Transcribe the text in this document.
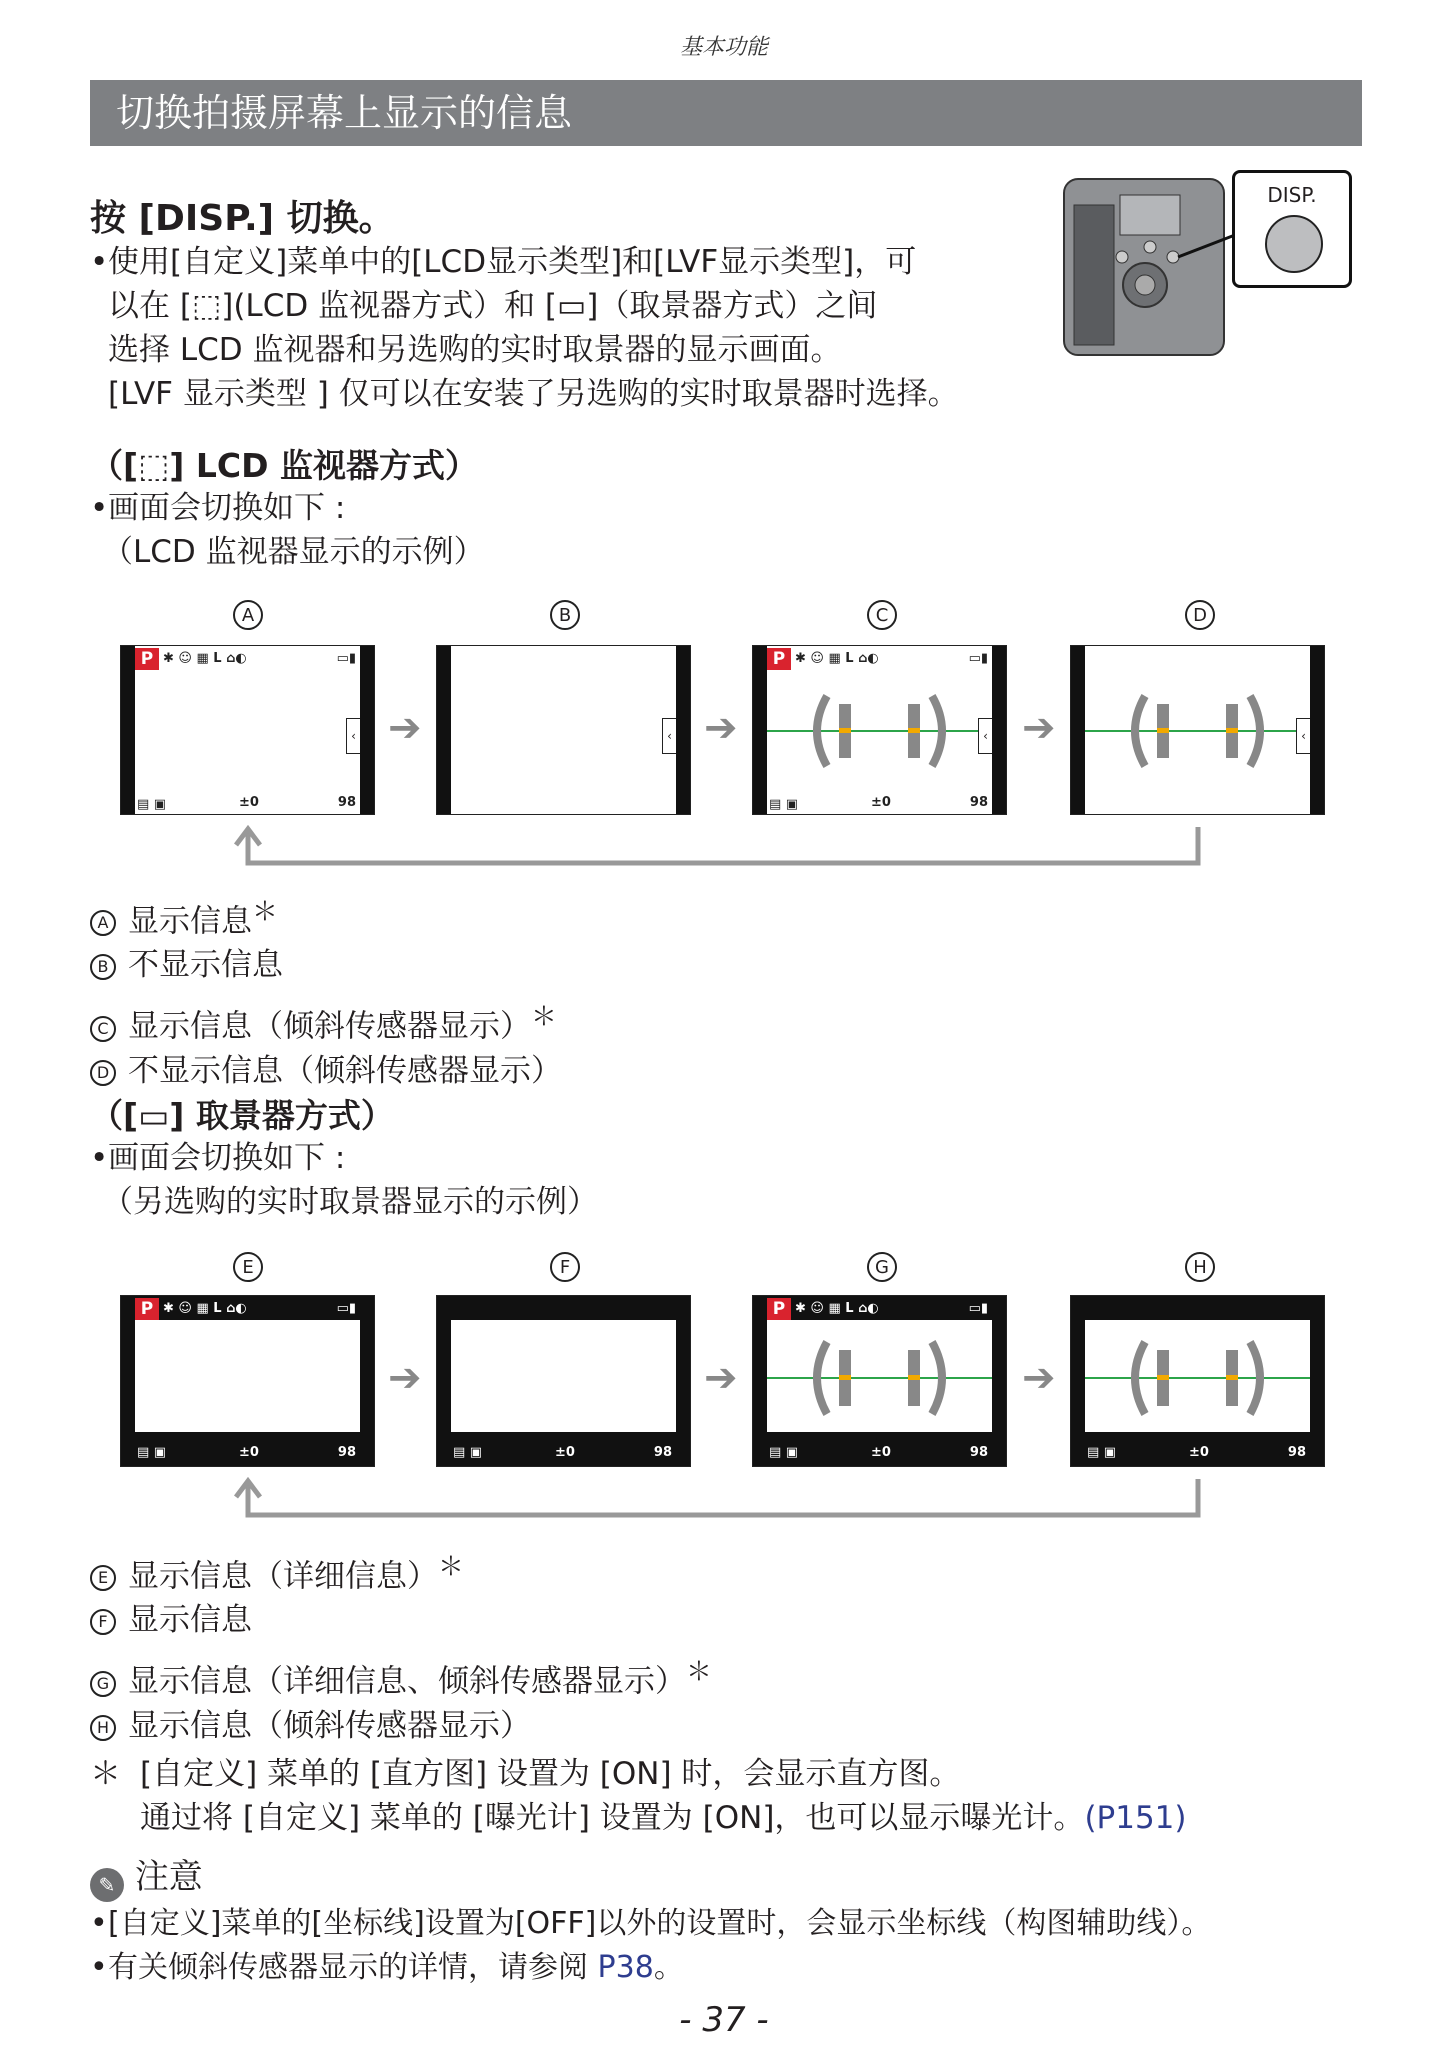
基本功能
切换拍摄屏幕上显示的信息
按 [DISP.] 切换。
DISP.
•使用[自定义]菜单中的[LCD显示类型]和[LVF显示类型]，可
以在 [⬚](LCD 监视器方式）和 [▭]（取景器方式）之间
选择 LCD 监视器和另选购的实时取景器的显示画面。
[LVF 显示类型 ] 仅可以在安装了另选购的实时取景器时选择。
（[⬚] LCD 监视器方式）
•画面会切换如下 :
（LCD 监视器显示的示例）
A	B	C	D
P ✱ ☺ ▦ L ⌂◐	▭▮
‹
▤ ▣	±0	98
‹
P ✱ ☺ ▦ L ⌂◐	▭▮
‹
▤ ▣	±0	98
‹
➔	➔	➔
A 显示信息＊
B 不显示信息
C 显示信息（倾斜传感器显示）＊
D 不显示信息（倾斜传感器显示）
（[▭] 取景器方式）
•画面会切换如下 :
（另选购的实时取景器显示的示例）
E	F	G	H
P ✱ ☺ ▦ L ⌂◐	▭▮
▤ ▣	±0	98	▤ ▣	±0	98
P ✱ ☺ ▦ L ⌂◐	▭▮
▤ ▣	±0	98	▤ ▣	±0	98
➔	➔	➔
E 显示信息（详细信息）＊
F 显示信息
G 显示信息（详细信息、倾斜传感器显示）＊
H 显示信息（倾斜传感器显示）
＊ [自定义] 菜单的 [直方图] 设置为 [ON] 时，会显示直方图。
通过将 [自定义] 菜单的 [曝光计] 设置为 [ON]，也可以显示曝光计。(P151)
✎ 注意
•[自定义]菜单的[坐标线]设置为[OFF]以外的设置时，会显示坐标线（构图辅助线）。
•有关倾斜传感器显示的详情，请参阅 P38。
- 37 -
